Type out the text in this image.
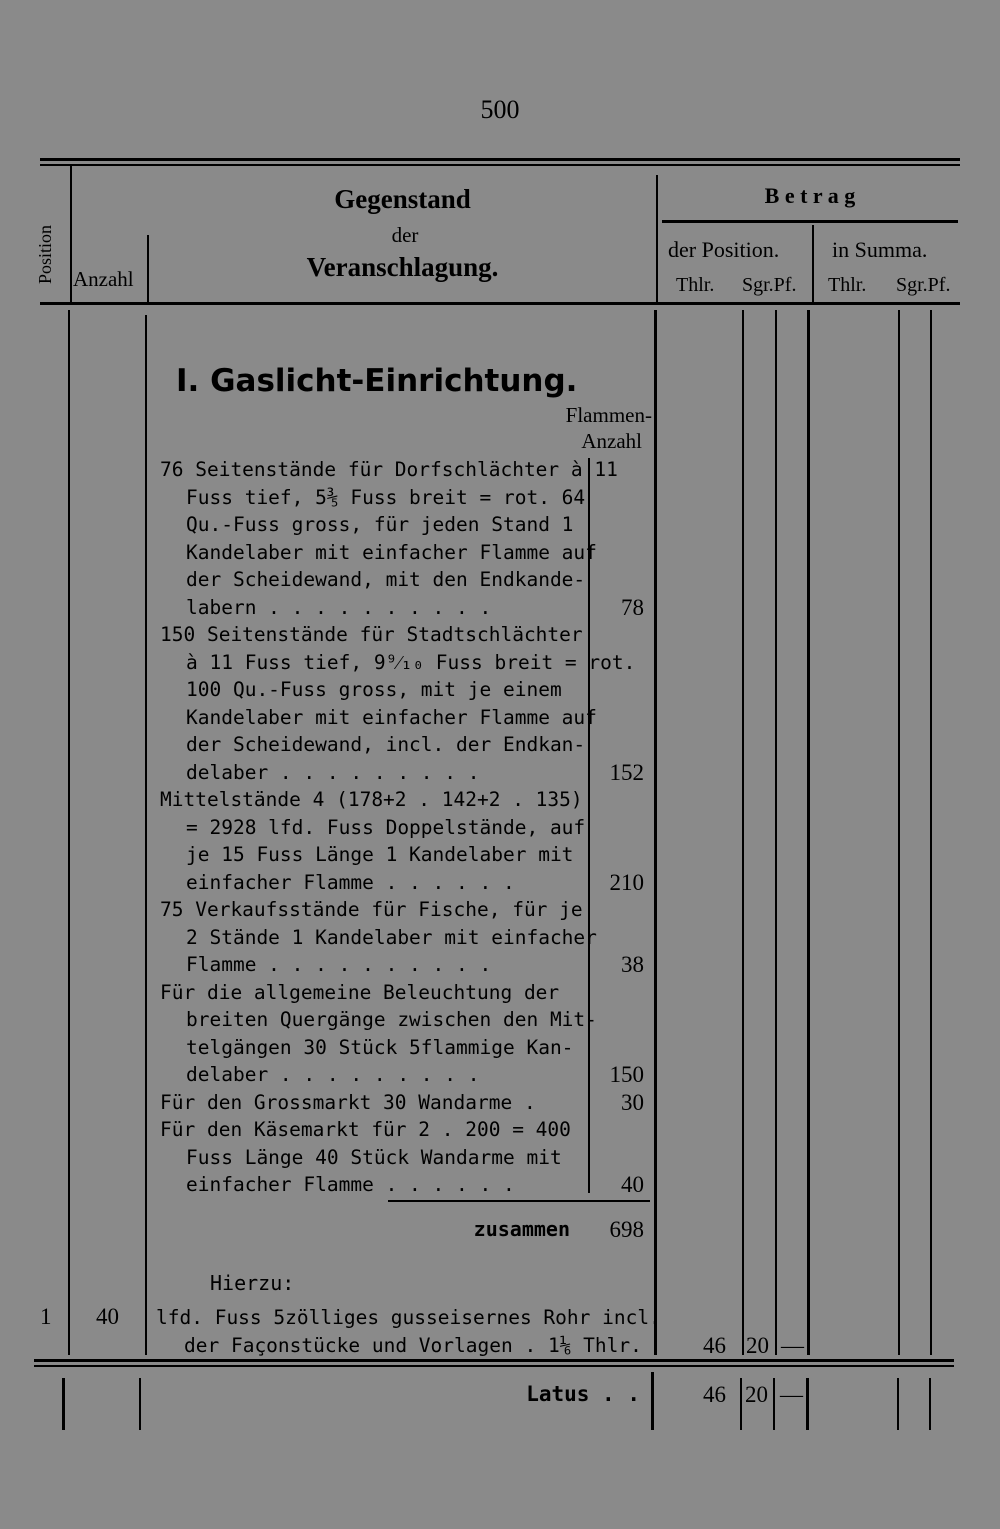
500
Position Anzahl
Gegenstand
der
Veranschlagung.
B e t r a g
der Position. in Summa.
Thlr. Sgr.Pf. Thlr. Sgr.Pf.
I. Gaslicht-Einrichtung.
Flammen-
Anzahl
76 Seitenstände für Dorfschlächter à 11
Fuss tief, 5⅗ Fuss breit = rot. 64
Qu.-Fuss gross, für jeden Stand 1
Kandelaber mit einfacher Flamme auf
der Scheidewand, mit den Endkande-
labern . . . . . . . . . .	78
150 Seitenstände für Stadtschlächter
à 11 Fuss tief, 9⁹⁄₁₀ Fuss breit = rot.
100 Qu.-Fuss gross, mit je einem
Kandelaber mit einfacher Flamme auf
der Scheidewand, incl. der Endkan-
delaber . . . . . . . . .	152
Mittelstände 4 (178+2 . 142+2 . 135)
= 2928 lfd. Fuss Doppelstände, auf
je 15 Fuss Länge 1 Kandelaber mit
einfacher Flamme . . . . . .	210
75 Verkaufsstände für Fische, für je
2 Stände 1 Kandelaber mit einfacher
Flamme . . . . . . . . . .	38
Für die allgemeine Beleuchtung der
breiten Quergänge zwischen den Mit-
telgängen 30 Stück 5flammige Kan-
delaber . . . . . . . . .	150
Für den Grossmarkt 30 Wandarme .	30
Für den Käsemarkt für 2 . 200 = 400
Fuss Länge 40 Stück Wandarme mit
einfacher Flamme . . . . . .	40
zusammen	698
Hierzu:
1 40 lfd. Fuss 5zölliges gusseisernes Rohr incl.
der Façonstücke und Vorlagen . 1⅙ Thlr.	46 20 —
Latus . .	46 20 —
